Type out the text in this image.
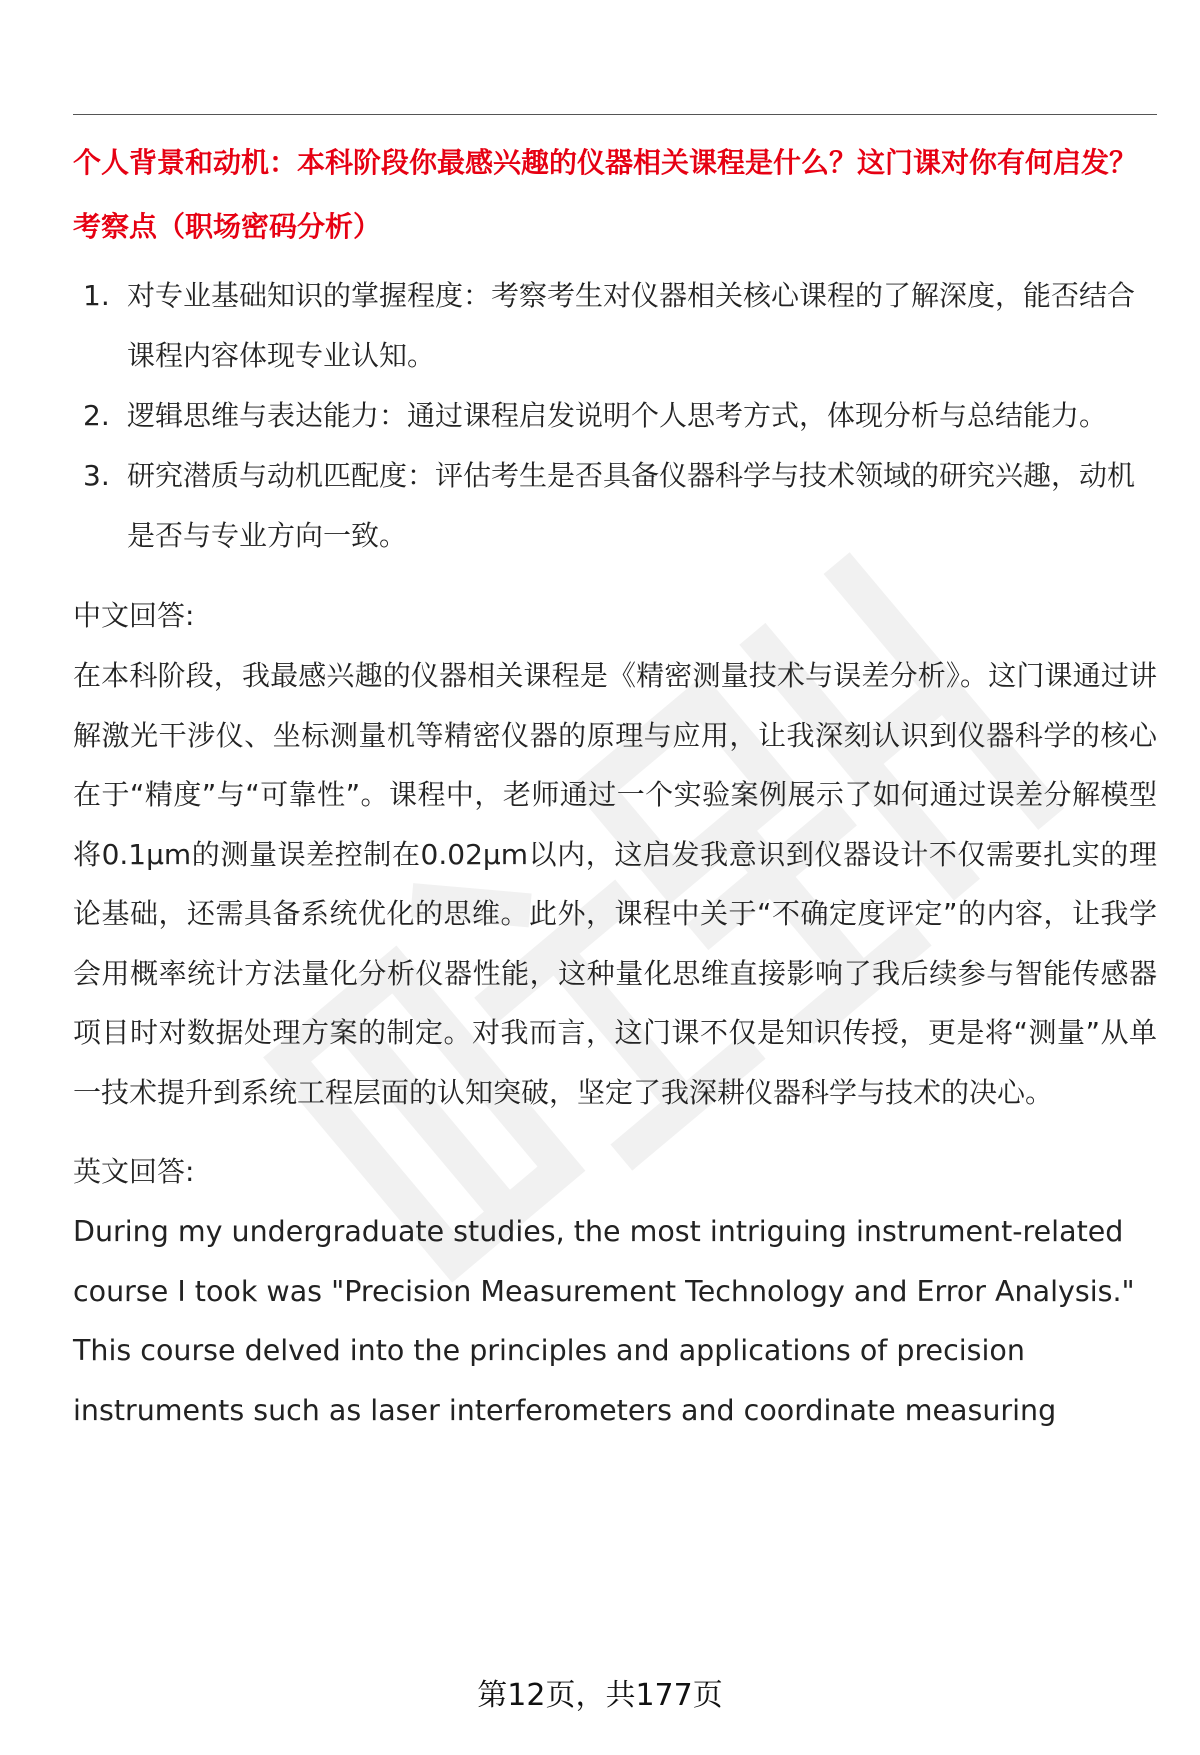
个人背景和动机：本科阶段你最感兴趣的仪器相关课程是什么？这门课对你有何启发？

考察点（职场密码分析）

1. 对专业基础知识的掌握程度：考察考生对仪器相关核心课程的了解深度，能否结合课程内容体现专业认知。
2. 逻辑思维与表达能力：通过课程启发说明个人思考方式，体现分析与总结能力。
3. 研究潜质与动机匹配度：评估考生是否具备仪器科学与技术领域的研究兴趣，动机是否与专业方向一致。

中文回答:

在本科阶段，我最感兴趣的仪器相关课程是《精密测量技术与误差分析》。这门课通过讲解激光干涉仪、坐标测量机等精密仪器的原理与应用，让我深刻认识到仪器科学的核心在于“精度”与“可靠性”。课程中，老师通过一个实验案例展示了如何通过误差分解模型将0.1μm的测量误差控制在0.02μm以内，这启发我意识到仪器设计不仅需要扎实的理论基础，还需具备系统优化的思维。此外，课程中关于“不确定度评定”的内容，让我学会用概率统计方法量化分析仪器性能，这种量化思维直接影响了我后续参与智能传感器项目时对数据处理方案的制定。对我而言，这门课不仅是知识传授，更是将“测量”从单一技术提升到系统工程层面的认知突破，坚定了我深耕仪器科学与技术的决心。

英文回答:

During my undergraduate studies, the most intriguing instrument-related course I took was "Precision Measurement Technology and Error Analysis." This course delved into the principles and applications of precision instruments such as laser interferometers and coordinate measuring

第12页，共177页
